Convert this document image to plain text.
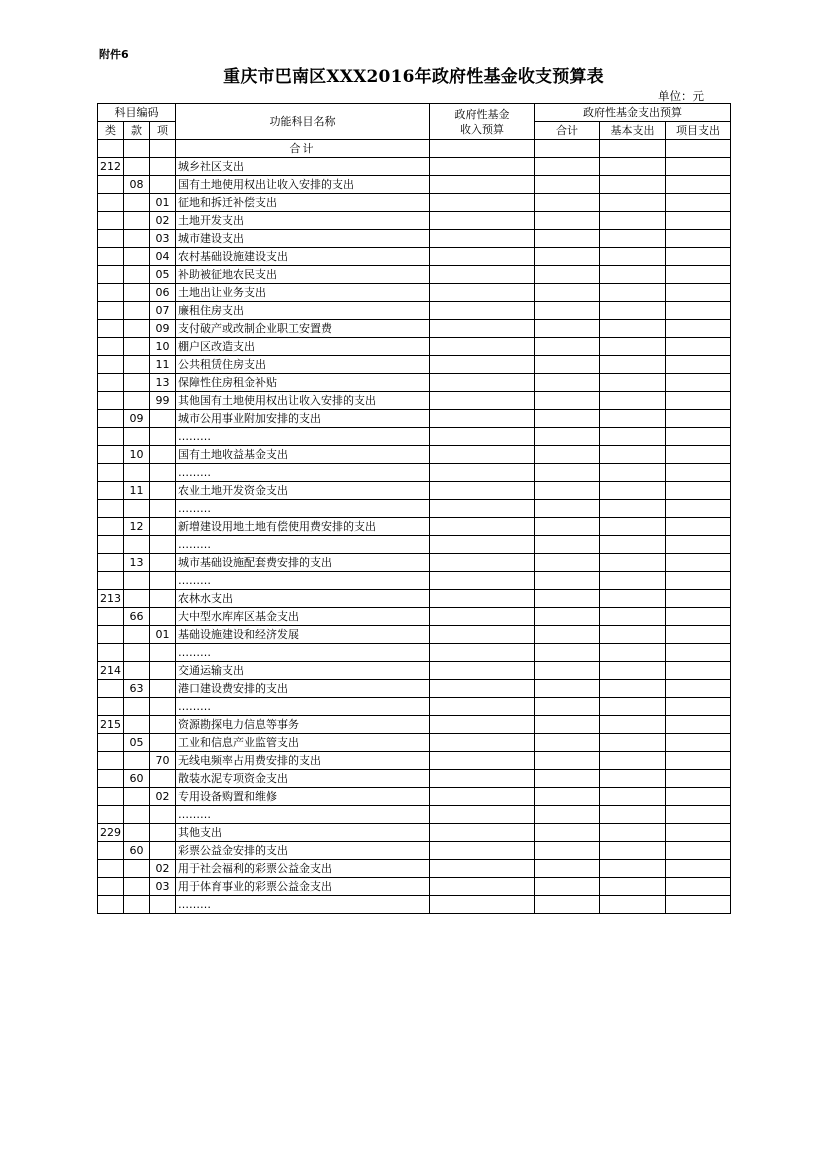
附件6
重庆市巴南区XXX2016年政府性基金收支预算表
单位：元
科目编码			功能科目名称	政府性基金
收入预算	政府性基金支出预算		
类	款	项			合计	基本支出	项目支出
			合计				
212			城乡社区支出				
	08		国有土地使用权出让收入安排的支出				
		01	征地和拆迁补偿支出				
		02	土地开发支出				
		03	城市建设支出				
		04	农村基础设施建设支出				
		05	补助被征地农民支出				
		06	土地出让业务支出				
		07	廉租住房支出				
		09	支付破产或改制企业职工安置费				
		10	棚户区改造支出				
		11	公共租赁住房支出				
		13	保障性住房租金补贴				
		99	其他国有土地使用权出让收入安排的支出				
	09		城市公用事业附加安排的支出				
			………				
	10		国有土地收益基金支出				
			………				
	11		农业土地开发资金支出				
			………				
	12		新增建设用地土地有偿使用费安排的支出				
			………				
	13		城市基础设施配套费安排的支出				
			………				
213			农林水支出				
	66		大中型水库库区基金支出				
		01	基础设施建设和经济发展				
			………				
214			交通运输支出				
	63		港口建设费安排的支出				
			………				
215			资源勘探电力信息等事务				
	05		工业和信息产业监管支出				
		70	无线电频率占用费安排的支出				
	60		散装水泥专项资金支出				
		02	专用设备购置和维修				
			………				
229			其他支出				
	60		彩票公益金安排的支出				
		02	用于社会福利的彩票公益金支出				
		03	用于体育事业的彩票公益金支出				
			………				
